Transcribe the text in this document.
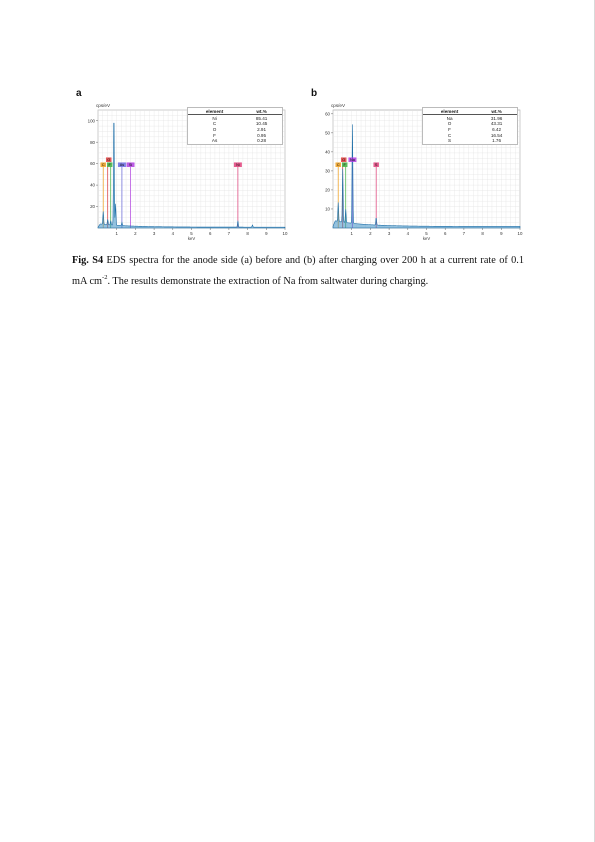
a
cps/eV
20
40
60
80
100
1	2	3	4	5	6	7	8	9	10
keV
C
O
F As Si	Ni
element	wt.%
Ni	85.41
C	10.45
O	2.91
F	0.95
As	0.28
b
cps/eV
10
20
30
40
50
60
1	2	3	4	5	6	7	8	9	10
keV
C
O
F
Na
S
element	wt.%
Na	31.96
O	43.31
F	6.42
C	16.54
S	1.76
Fig. S4 EDS spectra for the anode side (a) before and (b) after charging over 200 h at a current rate of 0.1 mA $cm^{-2}$. The results demonstrate the extraction of Na from saltwater during charging.
